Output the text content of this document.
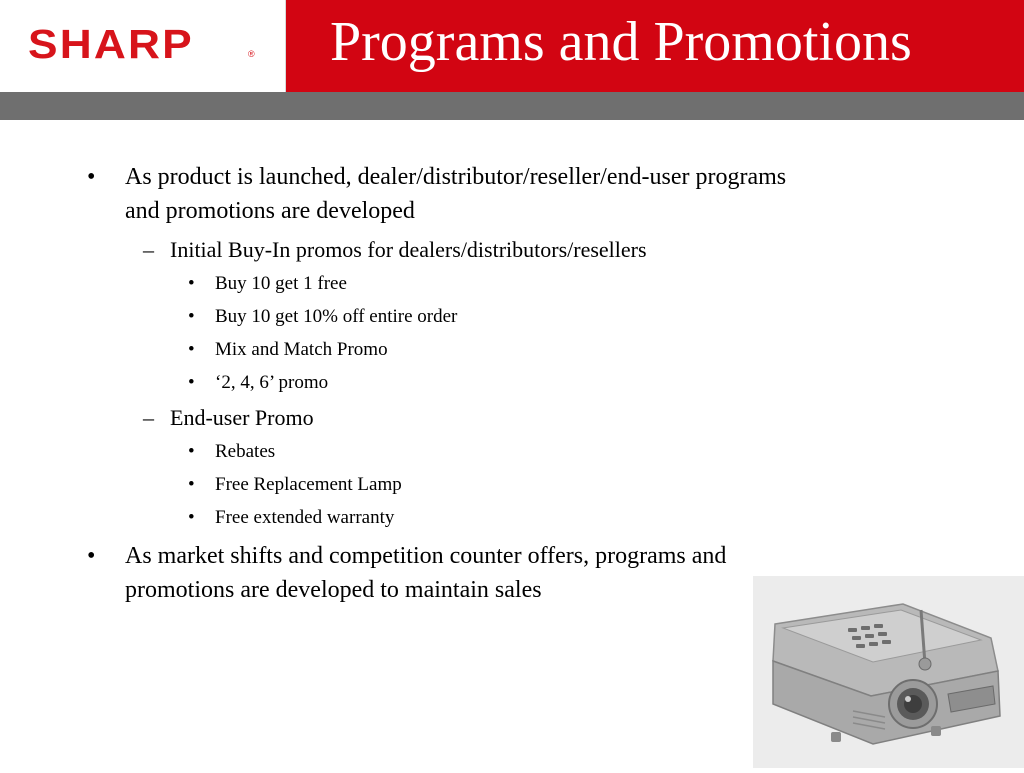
SHARP	® Programs and Promotions
• As product is launched, dealer/distributor/reseller/end-user programs
and promotions are developed
– Initial Buy-In promos for dealers/distributors/resellers
• Buy 10 get 1 free
• Buy 10 get 10% off entire order
• Mix and Match Promo
• ‘2, 4, 6’ promo
– End-user Promo
• Rebates
• Free Replacement Lamp
• Free extended warranty
• As market shifts and competition counter offers, programs and
promotions are developed to maintain sales
